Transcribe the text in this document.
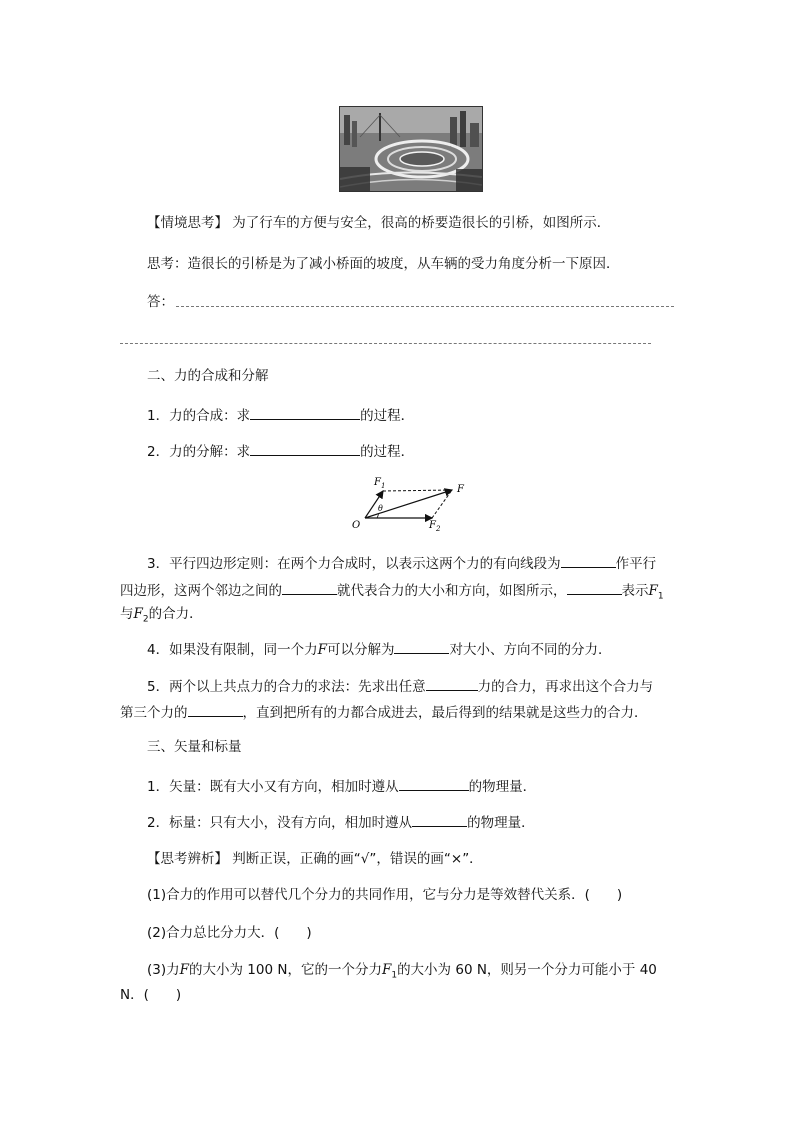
【情境思考】 为了行车的方便与安全，很高的桥要造很长的引桥，如图所示．
思考：造很长的引桥是为了减小桥面的坡度，从车辆的受力角度分析一下原因．
答：
二、力的合成和分解
1．力的合成：求	的过程．
2．力的分解：求	的过程．
F 1	F
F 2
O
θ
3．平行四边形定则：在两个力合成时，以表示这两个力的有向线段为	作平行
四边形，这两个邻边之间的	就代表合力的大小和方向，如图所示，	表示$F_1$
与$F_2$的合力．
4．如果没有限制，同一个力F可以分解为	对大小、方向不同的分力．
5．两个以上共点力的合力的求法：先求出任意	力的合力，再求出这个合力与
第三个力的	，直到把所有的力都合成进去，最后得到的结果就是这些力的合力．
三、矢量和标量
1．矢量：既有大小又有方向，相加时遵从	的物理量．
2．标量：只有大小，没有方向，相加时遵从	的物理量．
【思考辨析】 判断正误，正确的画“√”，错误的画“×”．
(1)合力的作用可以替代几个分力的共同作用，它与分力是等效替代关系．(　　)
(2)合力总比分力大．(　　)
(3)力F的大小为 100 N，它的一个分力$F_1$的大小为 60 N，则另一个分力可能小于 40
N．(　　)
